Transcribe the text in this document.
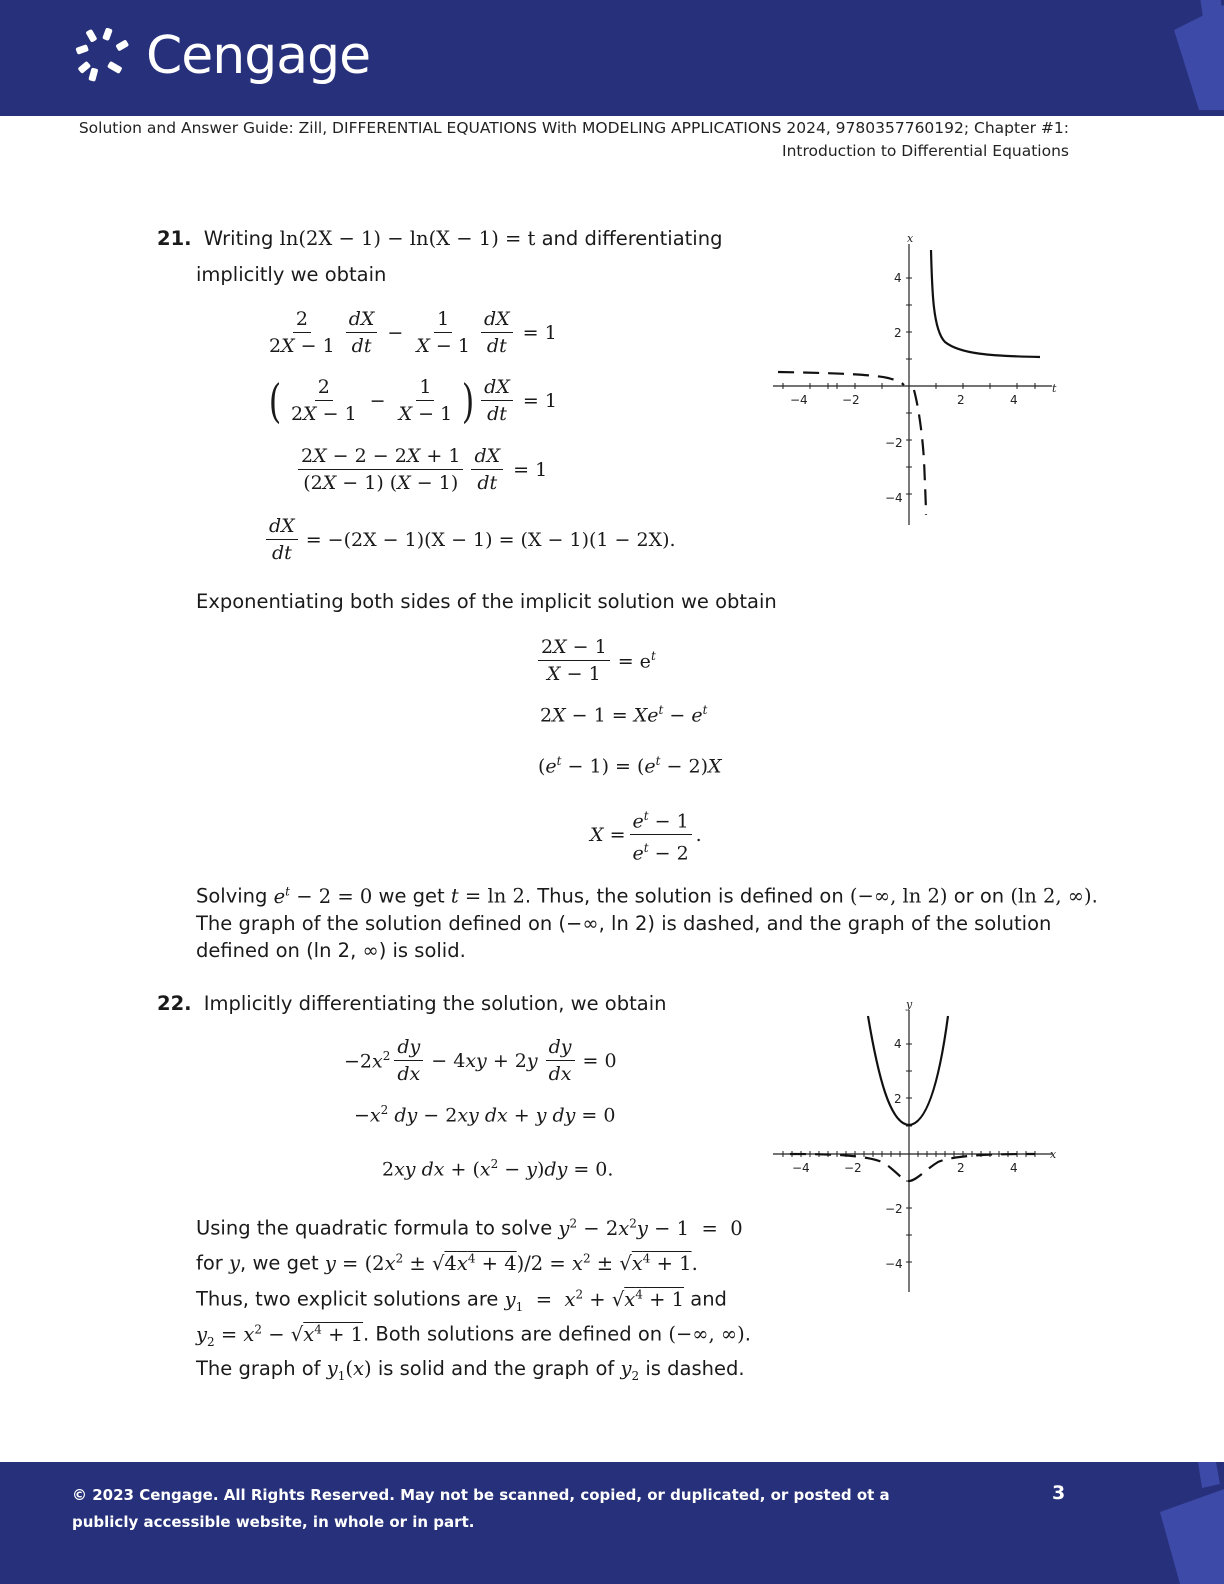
Cengage
Solution and Answer Guide: Zill, DIFFERENTIAL EQUATIONS With MODELING APPLICATIONS 2024, 9780357760192; Chapter #1:
Introduction to Differential Equations
21. Writing ln(2X − 1) − ln(X − 1) = t and differentiating
implicitly we obtain
$\frac{2}{2X - 1} \frac{dX}{dt} - \frac{1}{X - 1} \frac{dX}{dt} = 1$
( $\frac{2}{2X - 1} - \frac{1}{X - 1}$ ) $\frac{dX}{dt} = 1$
$\frac{2X - 2 - 2X + 1}{(2X - 1) (X - 1)} \frac{dX}{dt} = 1$
$\frac{dX}{dt} = -(2X - 1)(X - 1) = (X - 1)(1 - 2X)$.
Exponentiating both sides of the implicit solution we obtain
$\frac{2X - 1}{X - 1} = e^t$
$2X - 1 = Xe^t - e^t$
$(e^t - 1) = (e^t - 2)X$
$X = \frac{e^t - 1}{e^t - 2}$ .
Solving $e^t - 2 = 0$ we get t = ln 2. Thus, the solution is defined on (−∞, ln 2) or on (ln 2, ∞).
The graph of the solution defined on (−∞, ln 2) is dashed, and the graph of the solution
defined on (ln 2, ∞) is solid.
x
t
−4	−2	2	4
4
2
−2
−4
22. Implicitly differentiating the solution, we obtain
$-2x^2 \frac{dy}{dx} - 4xy + 2y \frac{dy}{dx} = 0$
$-x^2$ dy − 2xy dx + y dy = 0
2xy dx + $(x^2 - y)dy = 0$.
Using the quadratic formula to solve $y^2 - 2x^2y - 1 = 0$
for y, we get $y = (2x^2 \pm √4x^4 + 4)/2 = x^2 \pm √x^4 + 1$.
Thus, two explicit solutions are $y_1 = x^2 + √x^4 + 1$ and
$y_2 = x^2 - √x^4 + 1$. Both solutions are defined on (−∞, ∞).
The graph of $y_1(x)$ is solid and the graph of $y_2$ is dashed.
y
x
−4	−2	2	4
4
2
−2
−4
© 2023 Cengage. All Rights Reserved. May not be scanned, copied, or duplicated, or posted ot a publicly accessible website, in whole or in part.
3
